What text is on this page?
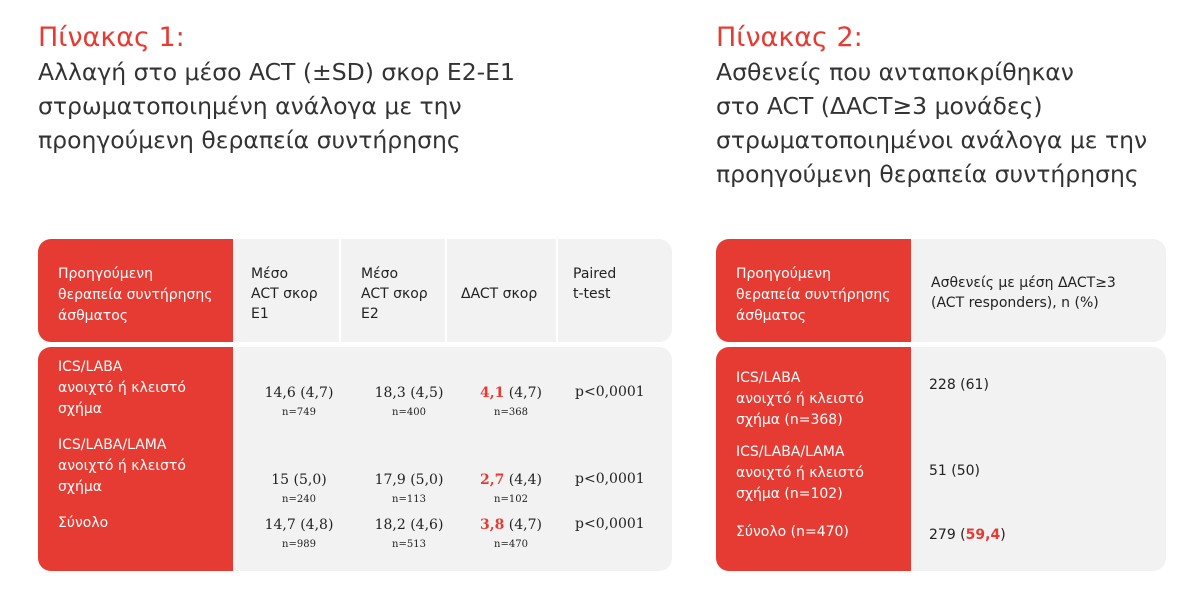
Πίνακας 1:
Αλλαγή στο μέσο ACT (±SD) σκορ E2-E1
στρωματοποιημένη ανάλογα με την
προηγούμενη θεραπεία συντήρησης
Πίνακας 2:
Ασθενείς που ανταποκρίθηκαν
στο ACT (ΔACT≥3 μονάδες)
στρωματοποιημένοι ανάλογα με την
προηγούμενη θεραπεία συντήρησης
Προηγούμενη
θεραπεία συντήρησης
άσθματος
Μέσο
ACT σκορ
E1
Μέσο
ACT σκορ
E2
ΔACT σκορ
Paired
t-test
ICS/LABA
ανοιχτό ή κλειστό
σχήμα
ICS/LABA/LAMA
ανοιχτό ή κλειστό
σχήμα
Σύνολο
14,6 (4,7)
n=749
18,3 (4,5)
n=400
4,1 (4,7)
n=368
p<0,0001
15 (5,0)
n=240
17,9 (5,0)
n=113
2,7 (4,4)
n=102
p<0,0001
14,7 (4,8)
n=989
18,2 (4,6)
n=513
3,8 (4,7)
n=470
p<0,0001
Προηγούμενη
θεραπεία συντήρησης
άσθματος
Ασθενείς με μέση ΔACT≥3
(ACT responders), n (%)
ICS/LABA
ανοιχτό ή κλειστό
σχήμα (n=368)
ICS/LABA/LAMA
ανοιχτό ή κλειστό
σχήμα (n=102)
Σύνολο (n=470)
228 (61)
51 (50)
279 (59,4)
